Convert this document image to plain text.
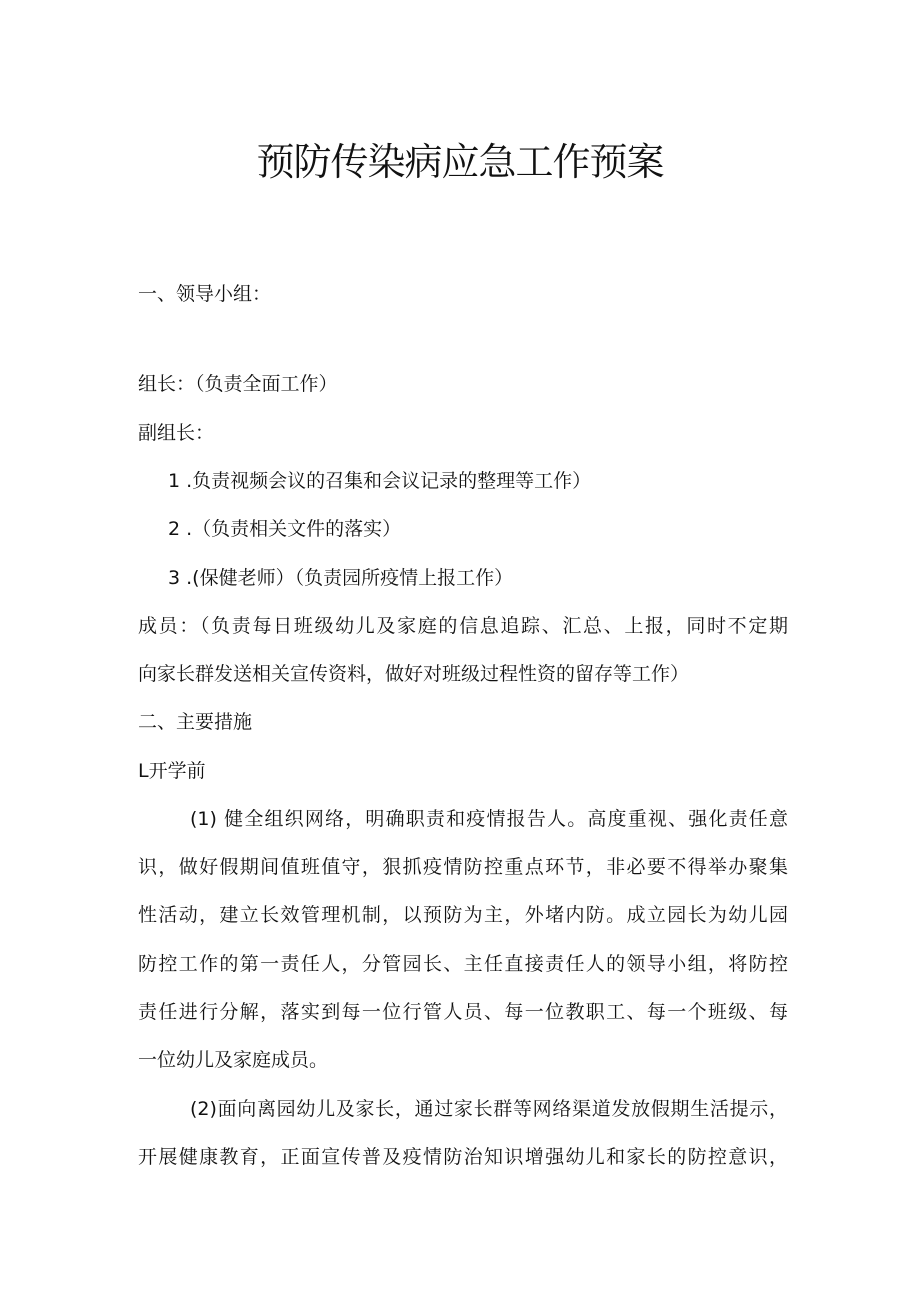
预防传染病应急工作预案

一、领导小组：

组长：（负责全面工作）

副组长：

1 .负责视频会议的召集和会议记录的整理等工作）

2 .（负责相关文件的落实）

3 .(保健老师）（负责园所疫情上报工作）

成员：（负责每日班级幼儿及家庭的信息追踪、汇总、上报，同时不定期

向家长群发送相关宣传资料，做好对班级过程性资的留存等工作）

二、主要措施

L开学前

(1) 健全组织网络，明确职责和疫情报告人。高度重视、强化责任意

识，做好假期间值班值守，狠抓疫情防控重点环节，非必要不得举办聚集

性活动，建立长效管理机制，以预防为主，外堵内防。成立园长为幼儿园

防控工作的第一责任人，分管园长、主任直接责任人的领导小组，将防控

责任进行分解，落实到每一位行管人员、每一位教职工、每一个班级、每

一位幼儿及家庭成员。

(2)面向离园幼儿及家长，通过家长群等网络渠道发放假期生活提示，

开展健康教育，正面宣传普及疫情防治知识增强幼儿和家长的防控意识，
